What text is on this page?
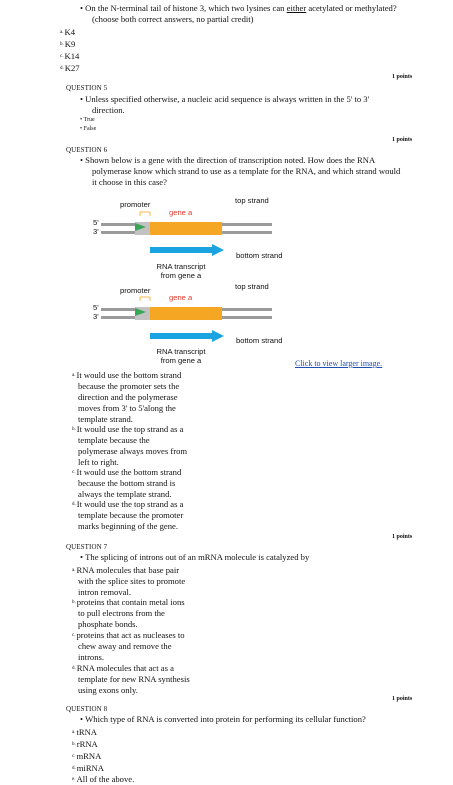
• On the N-terminal tail of histone 3, which two lysines can either acetylated or methylated?
(choose both correct answers, no partial credit)
$^{a.}$K4
$^{b.}$K9
$^{c.}$K14
$^{d.}$K27
1 points
QUESTION 5
• Unless specified otherwise, a nucleic acid sequence is always written in the 5' to 3'
direction.
• True
• False
1 points
QUESTION 6
• Shown below is a gene with the direction of transcription noted. How does the RNA
polymerase know which strand to use as a template for the RNA, and which strand would
it choose in this case?
promoter
gene a
top strand
5'
3'
bottom strand
RNA transcript
from gene a
promoter
gene a
top strand
5'
3'
bottom strand
RNA transcript
from gene a	Click to view larger image.
$^{a.}$It would use the bottom strand
because the promoter sets the
direction and the polymerase
moves from 3' to 5'along the
template strand.
$^{b.}$It would use the top strand as a
template because the
polymerase always moves from
left to right.
$^{c.}$It would use the bottom strand
because the bottom strand is
always the template strand.
$^{d.}$It would use the top strand as a
template because the promoter
marks beginning of the gene.
1 points
QUESTION 7
• The splicing of introns out of an mRNA molecule is catalyzed by
$^{a.}$RNA molecules that base pair
with the splice sites to promote
intron removal.
$^{b.}$proteins that contain metal ions
to pull electrons from the
phosphate bonds.
$^{c.}$proteins that act as nucleases to
chew away and remove the
introns.
$^{d.}$RNA molecules that act as a
template for new RNA synthesis
using exons only.
1 points
QUESTION 8
• Which type of RNA is converted into protein for performing its cellular function?
$^{a.}$tRNA
$^{b.}$rRNA
$^{c.}$mRNA
$^{d.}$miRNA
$^{e.}$All of the above.
